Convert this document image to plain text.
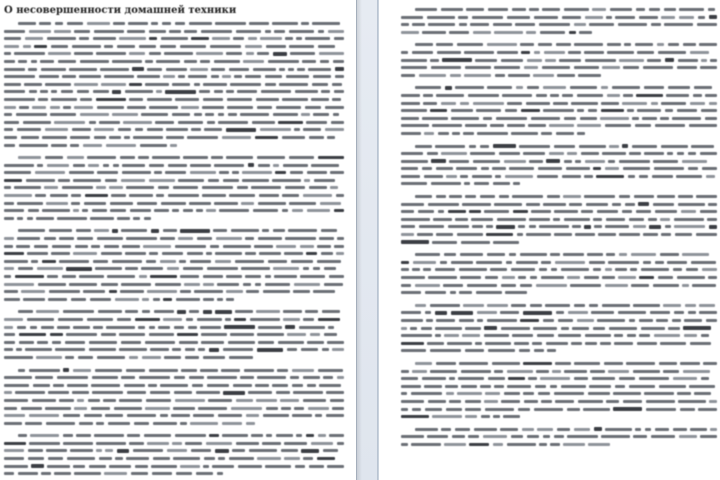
О несовершенности домашней техники
